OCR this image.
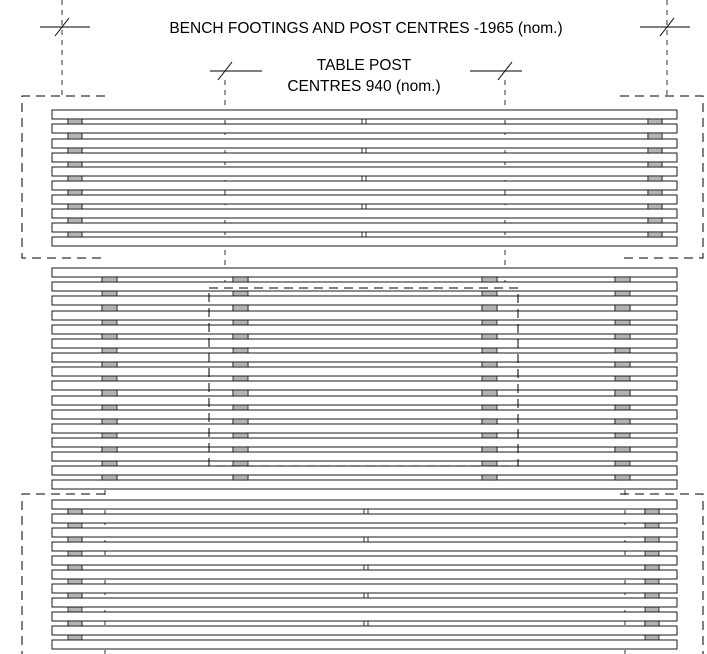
BENCH FOOTINGS AND POST CENTRES -1965 (nom.)
TABLE POST
CENTRES 940 (nom.)
